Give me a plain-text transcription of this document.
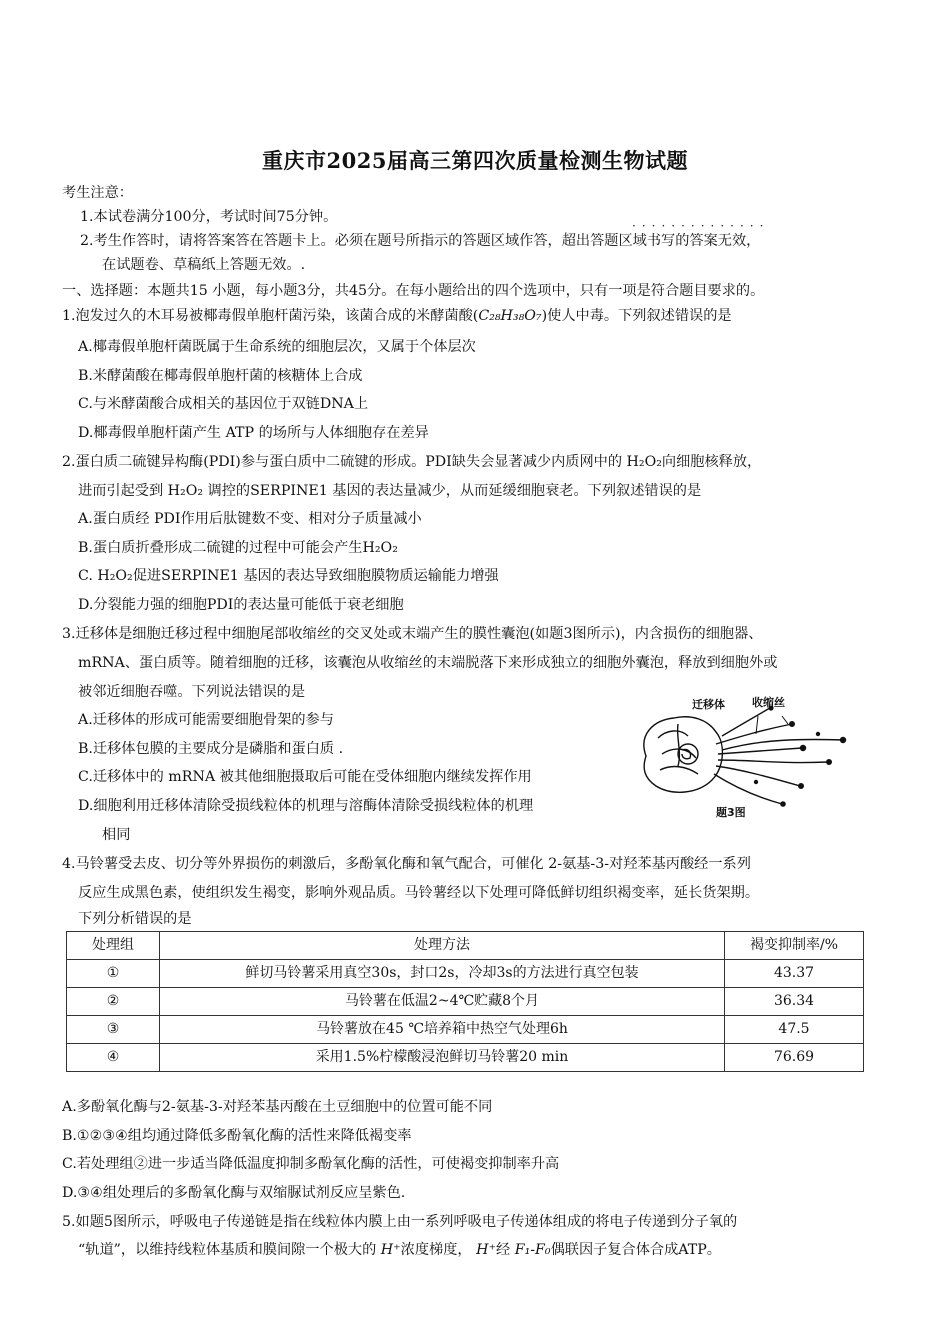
重庆市2025届高三第四次质量检测生物试题
考生注意：
1.本试卷满分100分，考试时间75分钟。
··············
2.考生作答时，请将答案答在答题卡上。必须在题号所指示的答题区域作答，超出答题区域书写的答案无效，
在试题卷、草稿纸上答题无效。.
一、选择题：本题共15 小题，每小题3分，共45分。在每小题给出的四个选项中，只有一项是符合题目要求的。
1.泡发过久的木耳易被椰毒假单胞杆菌污染，该菌合成的米酵菌酸(C₂₈H₃₈O₇)使人中毒。下列叙述错误的是
A.椰毒假单胞杆菌既属于生命系统的细胞层次，又属于个体层次
B.米酵菌酸在椰毒假单胞杆菌的核糖体上合成
C.与米酵菌酸合成相关的基因位于双链DNA上
D.椰毒假单胞杆菌产生 ATP 的场所与人体细胞存在差异
2.蛋白质二硫键异构酶(PDI)参与蛋白质中二硫键的形成。PDI缺失会显著减少内质网中的 H₂O₂向细胞核释放，
进而引起受到 H₂O₂ 调控的SERPINE1 基因的表达量减少，从而延缓细胞衰老。下列叙述错误的是
A.蛋白质经 PDI作用后肽键数不变、相对分子质量减小
B.蛋白质折叠形成二硫键的过程中可能会产生H₂O₂
C. H₂O₂促进SERPINE1 基因的表达导致细胞膜物质运输能力增强
D.分裂能力强的细胞PDI的表达量可能低于衰老细胞
3.迁移体是细胞迁移过程中细胞尾部收缩丝的交叉处或末端产生的膜性囊泡(如题3图所示)，内含损伤的细胞器、
mRNA、蛋白质等。随着细胞的迁移，该囊泡从收缩丝的末端脱落下来形成独立的细胞外囊泡，释放到细胞外或
被邻近细胞吞噬。下列说法错误的是
A.迁移体的形成可能需要细胞骨架的参与
B.迁移体包膜的主要成分是磷脂和蛋白质 .
C.迁移体中的 mRNA 被其他细胞摄取后可能在受体细胞内继续发挥作用
D.细胞利用迁移体清除受损线粒体的机理与溶酶体清除受损线粒体的机理
相同
迁移体 收缩丝
题3图
4.马铃薯受去皮、切分等外界损伤的刺激后，多酚氧化酶和氧气配合，可催化 2-氨基-3-对羟苯基丙酸经一系列
反应生成黑色素，使组织发生褐变，影响外观品质。马铃薯经以下处理可降低鲜切组织褐变率，延长货架期。
下列分析错误的是
处理组	处理方法	褐变抑制率/%
①	鲜切马铃薯采用真空30s，封口2s，冷却3s的方法进行真空包装	43.37
②	马铃薯在低温2~4℃贮藏8个月	36.34
③	马铃薯放在45 ℃培养箱中热空气处理6h	47.5
④	采用1.5%柠檬酸浸泡鲜切马铃薯20 min	76.69
A.多酚氧化酶与2-氨基-3-对羟苯基丙酸在土豆细胞中的位置可能不同
B.①②③④组均通过降低多酚氧化酶的活性来降低褐变率
C.若处理组②进一步适当降低温度抑制多酚氧化酶的活性，可使褐变抑制率升高
D.③④组处理后的多酚氧化酶与双缩脲试剂反应呈紫色.
5.如题5图所示，呼吸电子传递链是指在线粒体内膜上由一系列呼吸电子传递体组成的将电子传递到分子氧的
“轨道”，以维持线粒体基质和膜间隙一个极大的 H⁺浓度梯度， H⁺经 F₁-F₀偶联因子复合体合成ATP。
